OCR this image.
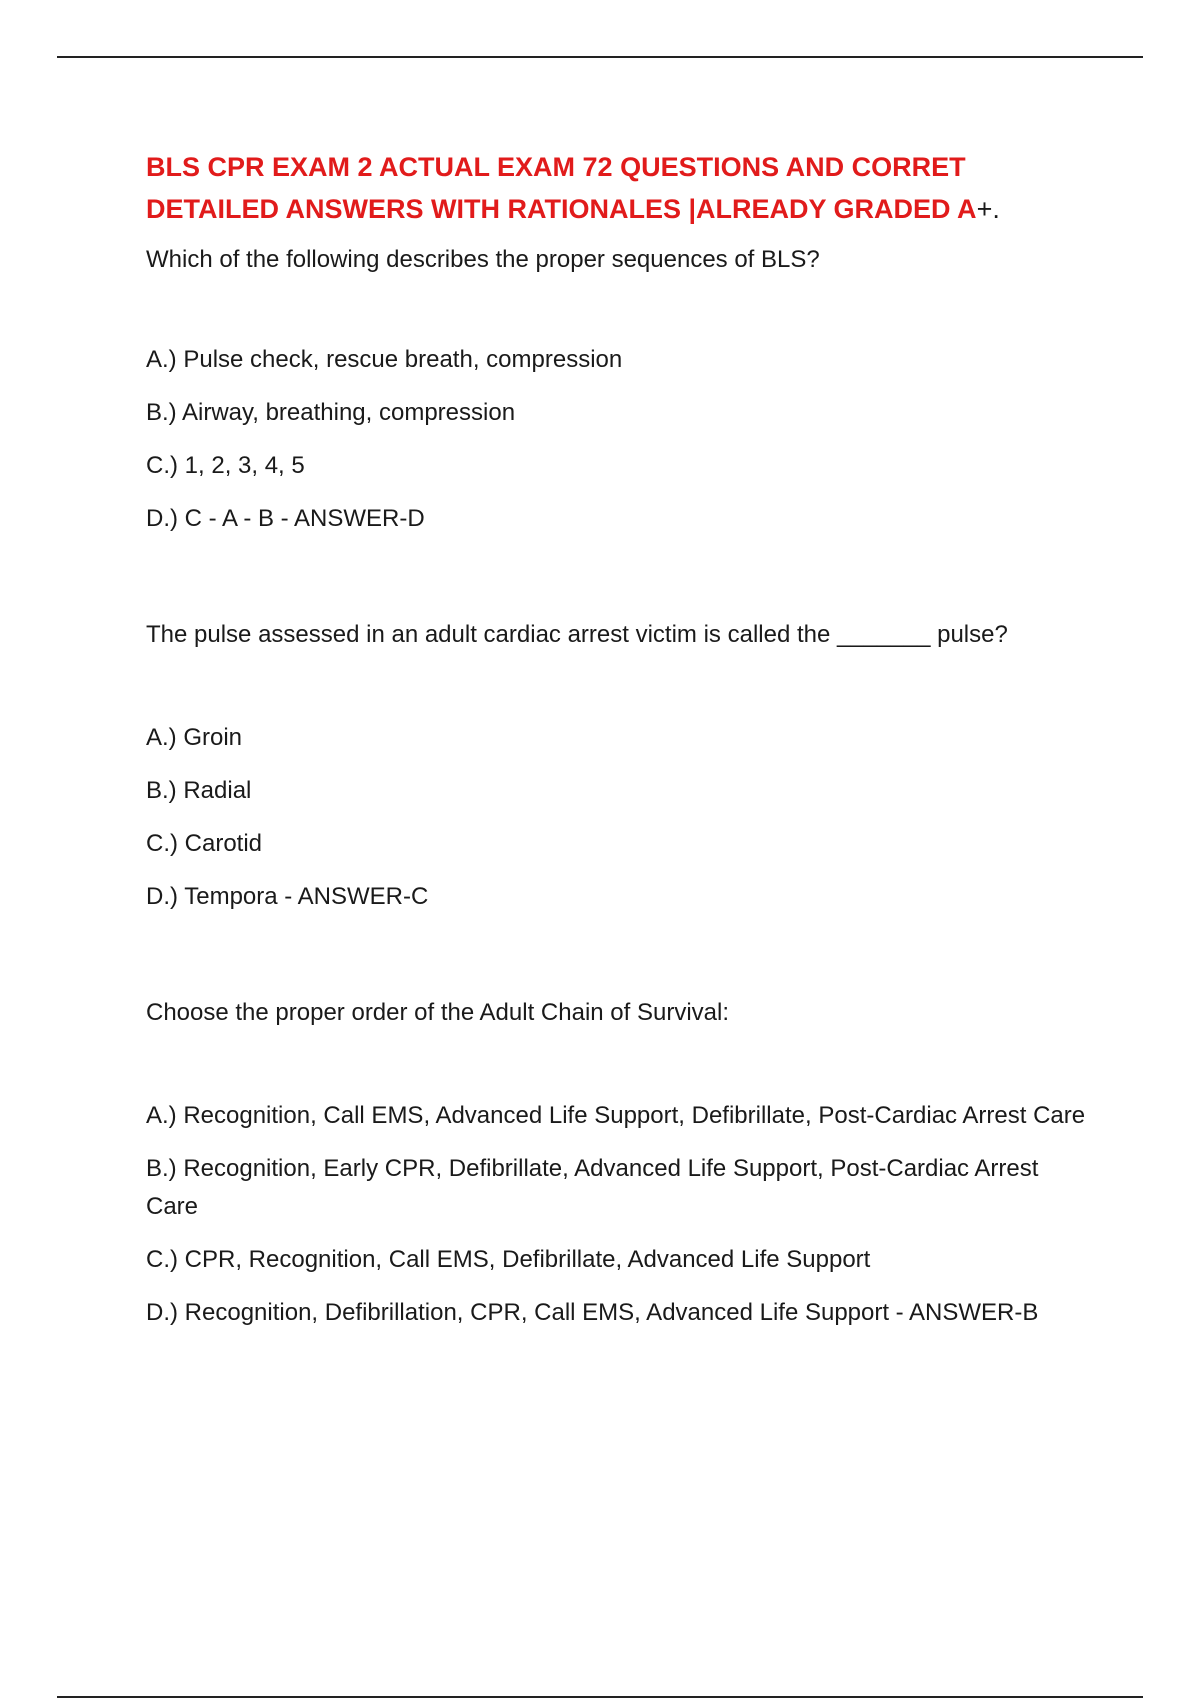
BLS CPR EXAM 2 ACTUAL EXAM 72 QUESTIONS AND CORRET DETAILED ANSWERS WITH RATIONALES |ALREADY GRADED A+.

Which of the following describes the proper sequences of BLS?

A.) Pulse check, rescue breath, compression
B.) Airway, breathing, compression
C.) 1, 2, 3, 4, 5
D.) C - A - B - ANSWER-D

The pulse assessed in an adult cardiac arrest victim is called the _______ pulse?

A.) Groin
B.) Radial
C.) Carotid
D.) Tempora - ANSWER-C

Choose the proper order of the Adult Chain of Survival:

A.) Recognition, Call EMS, Advanced Life Support, Defibrillate, Post-Cardiac Arrest Care
B.) Recognition, Early CPR, Defibrillate, Advanced Life Support, Post-Cardiac Arrest Care
C.) CPR, Recognition, Call EMS, Defibrillate, Advanced Life Support
D.) Recognition, Defibrillation, CPR, Call EMS, Advanced Life Support - ANSWER-B
